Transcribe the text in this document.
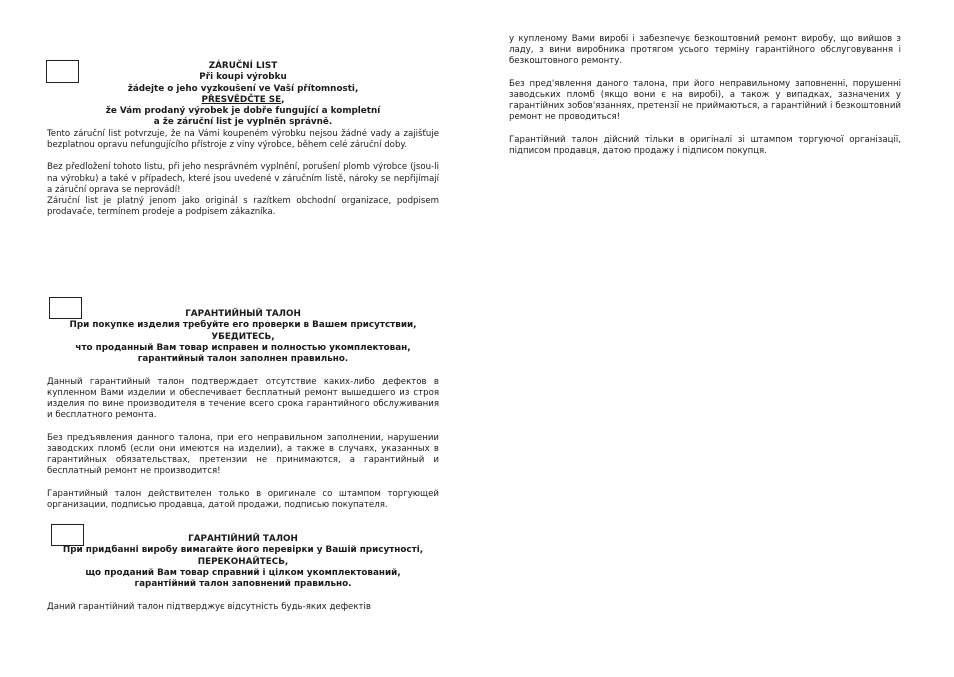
ZÁRUČNÍ LIST
Při koupi výrobku
žádejte o jeho vyzkoušení ve Vaší přítomnosti,
PŘESVĚDČTE SE,
že Vám prodaný výrobek je dobře fungující a kompletní
a že záruční list je vyplněn správně.

Tento záruční list potvrzuje, že na Vámi koupeném výrobku nejsou žádné vady a zajišťuje bezplatnou opravu nefungujícího přístroje z viny výrobce, během celé záruční doby.

Bez předložení tohoto listu, při jeho nesprávném vyplnění, porušení plomb výrobce (jsou-li na výrobku) a také v případech, které jsou uvedené v záručním listě, nároky se nepřijímají a záruční oprava se neprovádí!

Záruční list je platný jenom jako originál s razítkem obchodní organizace, podpisem prodavače, termínem prodeje a podpisem zákazníka.

ГАРАНТИЙНЫЙ ТАЛОН
При покупке изделия требуйте его проверки в Вашем присутствии,
УБЕДИТЕСЬ,
что проданный Вам товар исправен и полностью укомплектован,
гарантийный талон заполнен правильно.

Данный гарантийный талон подтверждает отсутствие каких-либо дефектов в купленном Вами изделии и обеспечивает бесплатный ремонт вышедшего из строя изделия по вине производителя в течение всего срока гарантийного обслуживания и бесплатного ремонта.

Без предъявления данного талона, при его неправильном заполнении, нарушении заводских пломб (если они имеются на изделии), а также в случаях, указанных в гарантийных обязательствах, претензии не принимаются, а гарантийный и бесплатный ремонт не производится!

Гарантийный талон действителен только в оригинале со штампом торгующей организации, подписью продавца, датой продажи, подписью покупателя.

ГАРАНТІЙНИЙ ТАЛОН
При придбанні виробу вимагайте його перевірки у Вашій присутності,
ПЕРЕКОНАЙТЕСЬ,
що проданий Вам товар справний і цілком укомплектований,
гарантійний талон заповнений правильно.

Даний гарантійний талон підтверджує відсутність будь-яких дефектів

у купленому Вами виробі і забезпечує безкоштовний ремонт виробу, що вийшов з ладу, з вини виробника протягом усього терміну гарантійного обслуговування і безкоштовного ремонту.

Без пред'явлення даного талона, при його неправильному заповненні, порушенні заводських пломб (якщо вони є на виробі), а також у випадках, зазначених у гарантійних зобов'язаннях, претензії не приймаються, а гарантійний і безкоштовний ремонт не проводиться!

Гарантійний талон дійсний тільки в оригіналі зі штампом торгуючої організації, підписом продавця, датою продажу і підписом покупця.
